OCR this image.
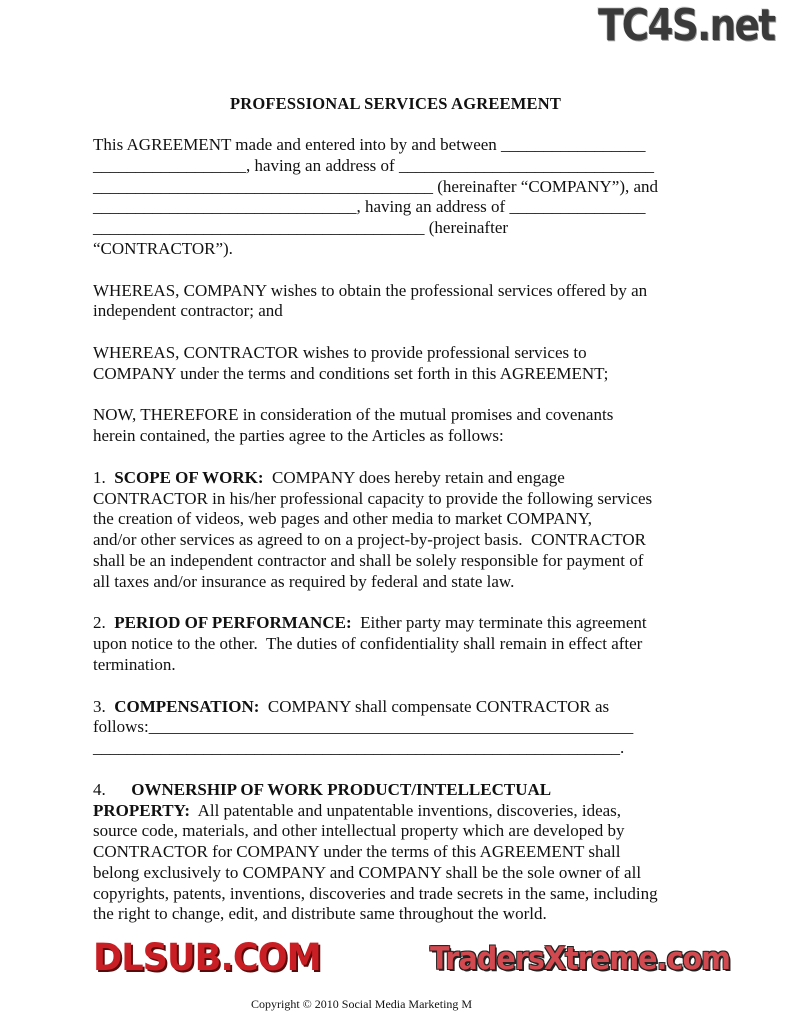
PROFESSIONAL SERVICES AGREEMENT
This AGREEMENT made and entered into by and between _________________
__________________, having an address of ______________________________
________________________________________ (hereinafter “COMPANY”), and
_______________________________, having an address of ________________
_______________________________________ (hereinafter
“CONTRACTOR”).
WHEREAS, COMPANY wishes to obtain the professional services offered by an
independent contractor; and
WHEREAS, CONTRACTOR wishes to provide professional services to
COMPANY under the terms and conditions set forth in this AGREEMENT;
NOW, THEREFORE in consideration of the mutual promises and covenants
herein contained, the parties agree to the Articles as follows:
1.  SCOPE OF WORK:  COMPANY does hereby retain and engage
CONTRACTOR in his/her professional capacity to provide the following services
the creation of videos, web pages and other media to market COMPANY,
and/or other services as agreed to on a project-by-project basis.  CONTRACTOR
shall be an independent contractor and shall be solely responsible for payment of
all taxes and/or insurance as required by federal and state law.
2.  PERIOD OF PERFORMANCE:  Either party may terminate this agreement
upon notice to the other.  The duties of confidentiality shall remain in effect after
termination.
3.  COMPENSATION:  COMPANY shall compensate CONTRACTOR as
follows:_________________________________________________________
______________________________________________________________.
4.      OWNERSHIP OF WORK PRODUCT/INTELLECTUAL
PROPERTY:  All patentable and unpatentable inventions, discoveries, ideas,
source code, materials, and other intellectual property which are developed by
CONTRACTOR for COMPANY under the terms of this AGREEMENT shall
belong exclusively to COMPANY and COMPANY shall be the sole owner of all
copyrights, patents, inventions, discoveries and trade secrets in the same, including
the right to change, edit, and distribute same throughout the world.
Copyright © 2010 Social Media Marketing M
TC4S.net
DLSUB.COM	TradersXtreme.com
